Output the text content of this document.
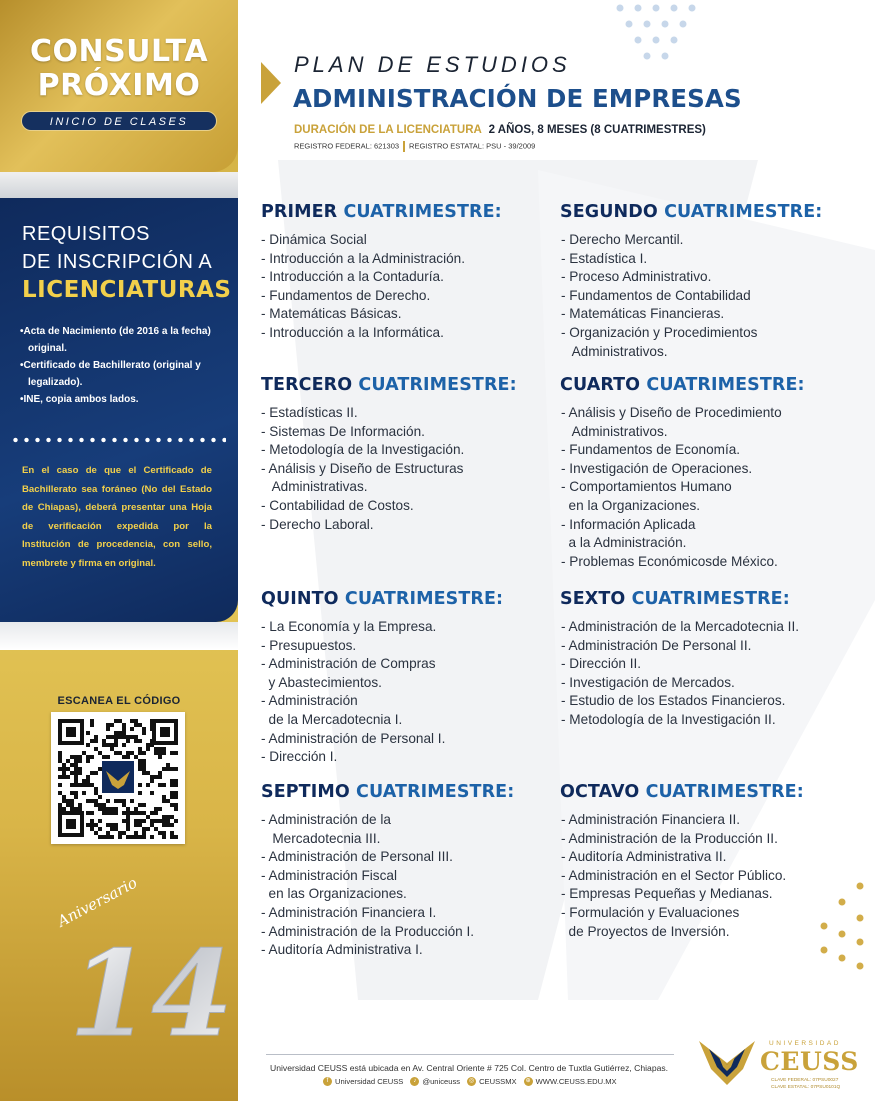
CONSULTA
PRÓXIMO
INICIO DE CLASES
REQUISITOS
DE INSCRIPCIÓN A
LICENCIATURAS
•Acta de Nacimiento (de 2016 a la fecha) original.
•Certificado de Bachillerato (original y legalizado).
•INE, copia ambos lados.
En el caso de que el Certificado de Bachillerato sea foráneo (No del Estado de Chiapas), deberá presentar una Hoja de verificación expedida por la Institución de procedencia, con sello, membrete y firma en original.
ESCANEA EL CÓDIGO
Aniversario
14
PLAN DE ESTUDIOS
ADMINISTRACIÓN DE EMPRESAS
DURACIÓN DE LA LICENCIATURA 2 AÑOS, 8 MESES (8 CUATRIMESTRES)
REGISTRO FEDERAL: 621303 REGISTRO ESTATAL: PSU - 39/2009
PRIMER CUATRIMESTRE:
- Dinámica Social
- Introducción a la Administración.
- Introducción a la Contaduría.
- Fundamentos de Derecho.
- Matemáticas Básicas.
- Introducción a la Informática.
SEGUNDO CUATRIMESTRE:
- Derecho Mercantil.
- Estadística I.
- Proceso Administrativo.
- Fundamentos de Contabilidad
- Matemáticas Financieras.
- Organización y Procedimientos
Administrativos.
TERCERO CUATRIMESTRE:
- Estadísticas II.
- Sistemas De Información.
- Metodología de la Investigación.
- Análisis y Diseño de Estructuras
Administrativas.
- Contabilidad de Costos.
- Derecho Laboral.
CUARTO CUATRIMESTRE:
- Análisis y Diseño de Procedimiento
Administrativos.
- Fundamentos de Economía.
- Investigación de Operaciones.
- Comportamientos Humano
en la Organizaciones.
- Información Aplicada
a la Administración.
- Problemas Económicosde México.
QUINTO CUATRIMESTRE:
- La Economía y la Empresa.
- Presupuestos.
- Administración de Compras
y Abastecimientos.
- Administración
de la Mercadotecnia I.
- Administración de Personal I.
- Dirección I.
SEXTO CUATRIMESTRE:
- Administración de la Mercadotecnia II.
- Administración De Personal II.
- Dirección II.
- Investigación de Mercados.
- Estudio de los Estados Financieros.
- Metodología de la Investigación II.
SEPTIMO CUATRIMESTRE:
- Administración de la
Mercadotecnia III.
- Administración de Personal III.
- Administración Fiscal
en las Organizaciones.
- Administración Financiera I.
- Administración de la Producción I.
- Auditoría Administrativa I.
OCTAVO CUATRIMESTRE:
- Administración Financiera II.
- Administración de la Producción II.
- Auditoría Administrativa II.
- Administración en el Sector Público.
- Empresas Pequeñas y Medianas.
- Formulación y Evaluaciones
de Proyectos de Inversión.
Universidad CEUSS está ubicada en Av. Central Oriente # 725 Col. Centro de Tuxtla Gutiérrez, Chiapas.
f Universidad CEUSS	♪ @uniceuss	◎ CEUSSMX	⊕ WWW.CEUSS.EDU.MX
UNIVERSIDAD
CEUSS
CLAVE FEDERAL: 07PSU0027
CLAVE ESTATAL: 07PSU0101Q
